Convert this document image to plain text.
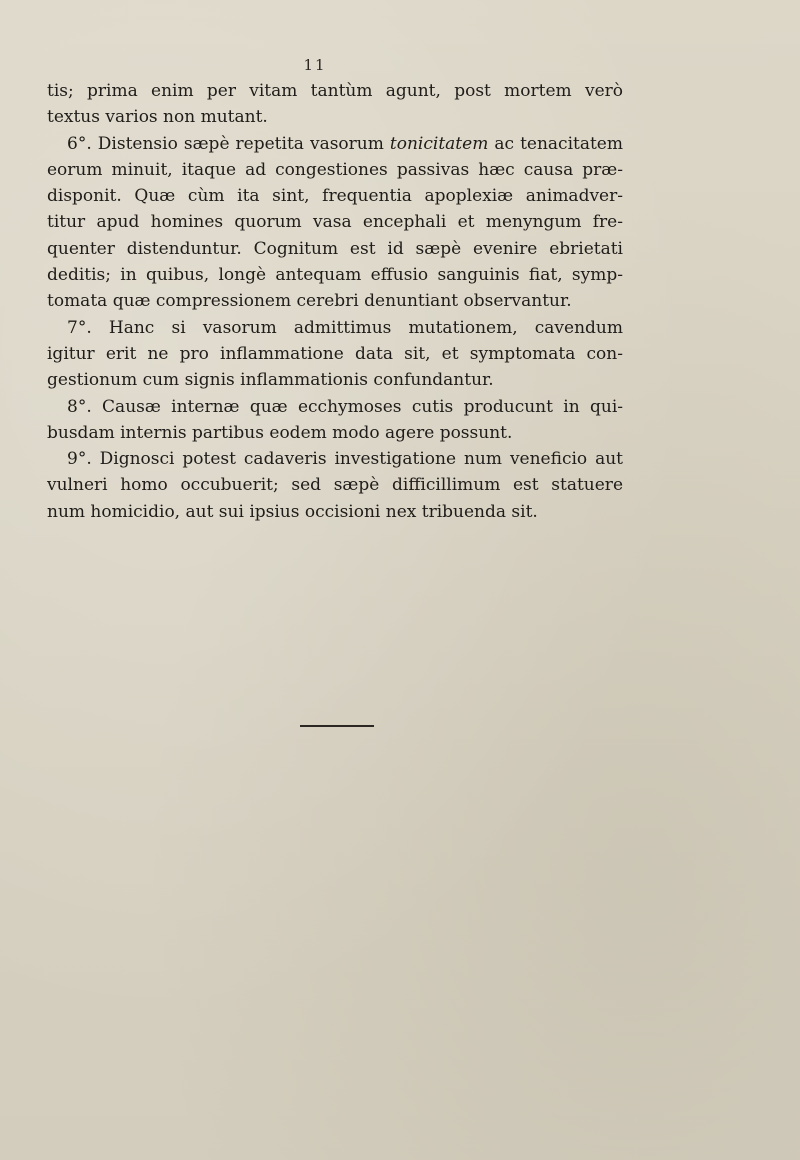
11
tis; prima enim per vitam tantùm agunt, post mortem verò
textus varios non mutant.
6°. Distensio sæpè repetita vasorum tonicitatem ac tenacitatem
eorum minuit, itaque ad congestiones passivas hæc causa præ-
disponit. Quæ cùm ita sint, frequentia apoplexiæ animadver-
titur apud homines quorum vasa encephali et menyngum fre-
quenter distenduntur. Cognitum est id sæpè evenire ebrietati
deditis; in quibus, longè antequam effusio sanguinis fiat, symp-
tomata quæ compressionem cerebri denuntiant observantur.
7°. Hanc si vasorum admittimus mutationem, cavendum
igitur erit ne pro inflammatione data sit, et symptomata con-
gestionum cum signis inflammationis confundantur.
8°. Causæ internæ quæ ecchymoses cutis producunt in qui-
busdam internis partibus eodem modo agere possunt.
9°. Dignosci potest cadaveris investigatione num veneficio aut
vulneri homo occubuerit; sed sæpè difficillimum est statuere
num homicidio, aut sui ipsius occisioni nex tribuenda sit.
